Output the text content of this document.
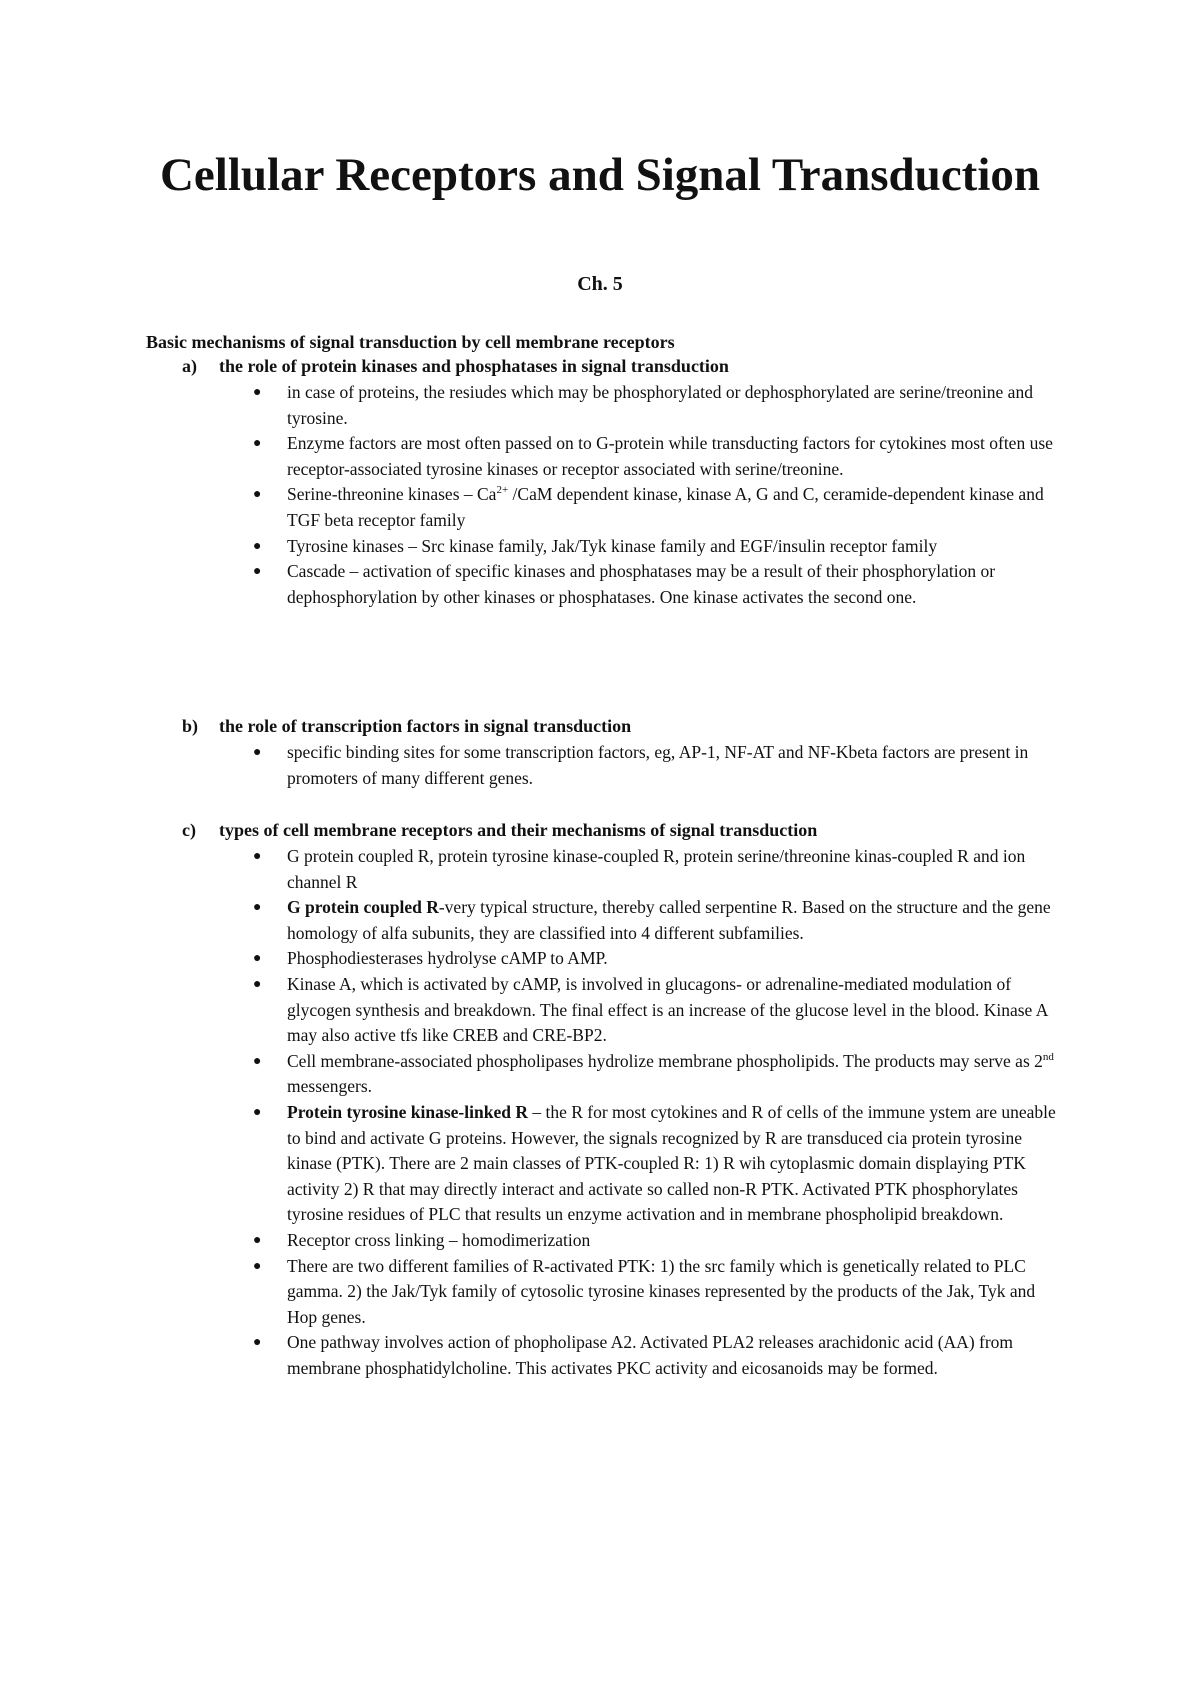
Cellular Receptors and Signal Transduction
Ch. 5
Basic mechanisms of signal transduction by cell membrane receptors
a) the role of protein kinases and phosphatases in signal transduction
● in case of proteins, the resiudes which may be phosphorylated or dephosphorylated are serine/treonine and tyrosine.
● Enzyme factors are most often passed on to G-protein while transducting factors for cytokines most often use receptor-associated tyrosine kinases or receptor associated with serine/treonine.
● Serine-threonine kinases – $Ca^{2+}$ /CaM dependent kinase, kinase A, G and C, ceramide-dependent kinase and TGF beta receptor family
● Tyrosine kinases – Src kinase family, Jak/Tyk kinase family and EGF/insulin receptor family
● Cascade – activation of specific kinases and phosphatases may be a result of their phosphorylation or dephosphorylation by other kinases or phosphatases. One kinase activates the second one.
b) the role of transcription factors in signal transduction
● specific binding sites for some transcription factors, eg, AP-1, NF-AT and NF-Kbeta factors are present in promoters of many different genes.
c) types of cell membrane receptors and their mechanisms of signal transduction
● G protein coupled R, protein tyrosine kinase-coupled R, protein serine/threonine kinas-coupled R and ion channel R
● G protein coupled R-very typical structure, thereby called serpentine R. Based on the structure and the gene homology of alfa subunits, they are classified into 4 different subfamilies.
● Phosphodiesterases hydrolyse cAMP to AMP.
● Kinase A, which is activated by cAMP, is involved in glucagons- or adrenaline-mediated modulation of glycogen synthesis and breakdown. The final effect is an increase of the glucose level in the blood. Kinase A may also active tfs like CREB and CRE-BP2.
● Cell membrane-associated phospholipases hydrolize membrane phospholipids. The products may serve as 2nd messengers.
● Protein tyrosine kinase-linked R – the R for most cytokines and R of cells of the immune ystem are uneable to bind and activate G proteins. However, the signals recognized by R are transduced cia protein tyrosine kinase (PTK). There are 2 main classes of PTK-coupled R: 1) R wih cytoplasmic domain displaying PTK activity 2) R that may directly interact and activate so called non-R PTK. Activated PTK phosphorylates tyrosine residues of PLC that results un enzyme activation and in membrane phospholipid breakdown.
● Receptor cross linking – homodimerization
● There are two different families of R-activated PTK: 1) the src family which is genetically related to PLC gamma. 2) the Jak/Tyk family of cytosolic tyrosine kinases represented by the products of the Jak, Tyk and Hop genes.
● One pathway involves action of phopholipase A2. Activated PLA2 releases arachidonic acid (AA) from membrane phosphatidylcholine. This activates PKC activity and eicosanoids may be formed.
